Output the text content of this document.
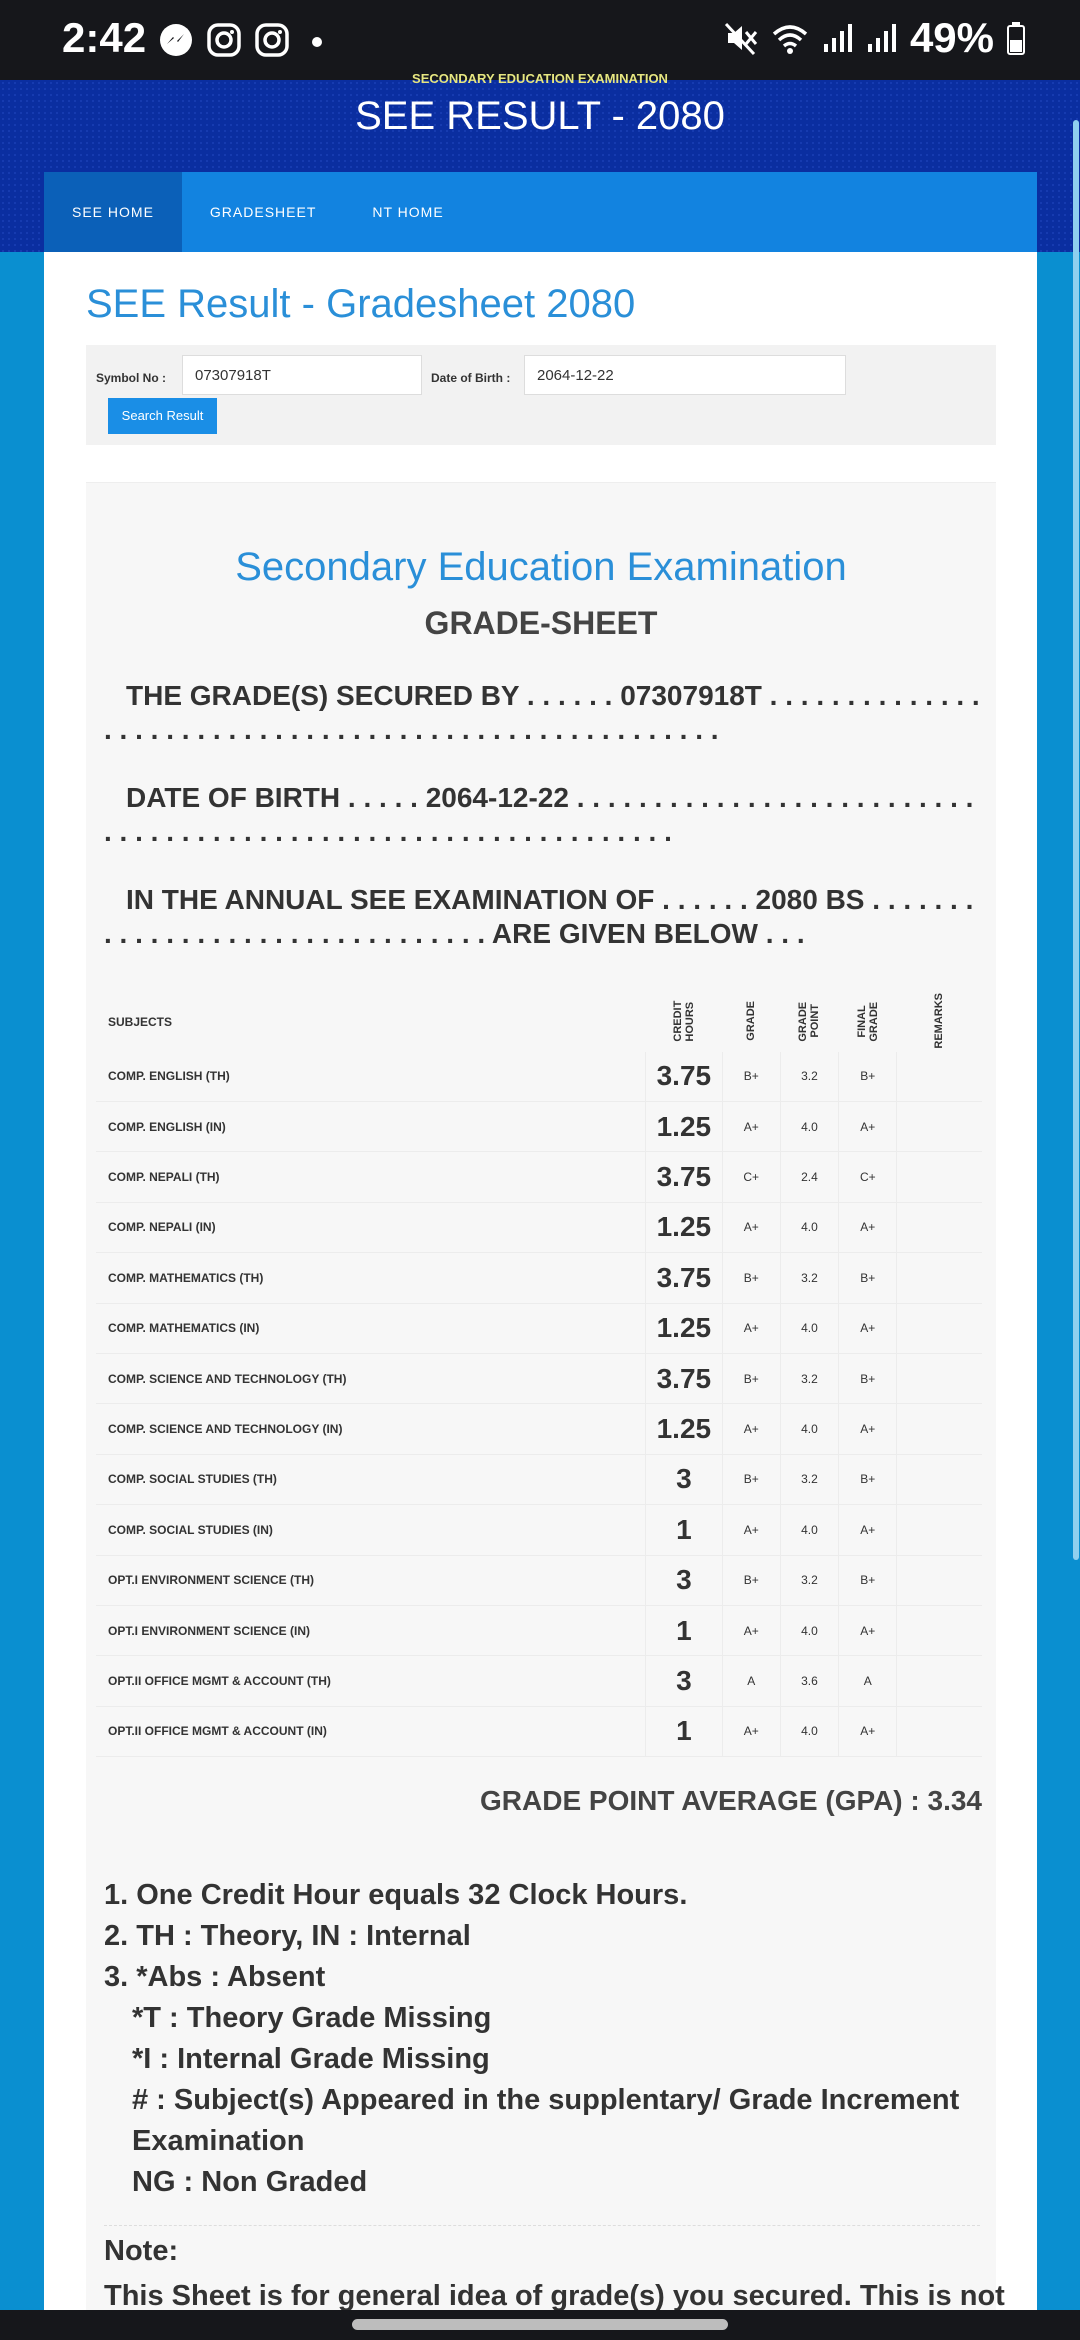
2:42	49%
SECONDARY EDUCATION EXAMINATION
SEE RESULT - 2080
SEE HOME	GRADESHEET	NT HOME
SEE Result - Gradesheet 2080
Symbol No :	07307918T	Date of Birth :	2064-12-22
Search Result
Secondary Education Examination
GRADE-SHEET
THE GRADE(S) SECURED BY . . . . . . 07307918T . . . . . . . . . . . . . . . . . . . . . . . . . . . . . . . . . . . . . . . . . . . . . . . . . . . . . .
DATE OF BIRTH . . . . . 2064-12-22 . . . . . . . . . . . . . . . . . . . . . . . . . . . . . . . . . . . . . . . . . . . . . . . . . . . . . . . . . . . . . . .
IN THE ANNUAL SEE EXAMINATION OF . . . . . . 2080 BS . . . . . . . . . . . . . . . . . . . . . . . . . . . . . . . . ARE GIVEN BELOW . . .
SUBJECTS	CREDIT HOURS	GRADE	GRADE POINT	FINAL GRADE	REMARKS
COMP. ENGLISH (TH)	3.75	B+	3.2	B+	
COMP. ENGLISH (IN)	1.25	A+	4.0	A+	
COMP. NEPALI (TH)	3.75	C+	2.4	C+	
COMP. NEPALI (IN)	1.25	A+	4.0	A+	
COMP. MATHEMATICS (TH)	3.75	B+	3.2	B+	
COMP. MATHEMATICS (IN)	1.25	A+	4.0	A+	
COMP. SCIENCE AND TECHNOLOGY (TH)	3.75	B+	3.2	B+	
COMP. SCIENCE AND TECHNOLOGY (IN)	1.25	A+	4.0	A+	
COMP. SOCIAL STUDIES (TH)	3	B+	3.2	B+	
COMP. SOCIAL STUDIES (IN)	1	A+	4.0	A+	
OPT.I ENVIRONMENT SCIENCE (TH)	3	B+	3.2	B+	
OPT.I ENVIRONMENT SCIENCE (IN)	1	A+	4.0	A+	
OPT.II OFFICE MGMT & ACCOUNT (TH)	3	A	3.6	A	
OPT.II OFFICE MGMT & ACCOUNT (IN)	1	A+	4.0	A+	
GRADE POINT AVERAGE (GPA) : 3.34
1. One Credit Hour equals 32 Clock Hours.
2. TH : Theory, IN : Internal
3. *Abs : Absent
*T : Theory Grade Missing
*I : Internal Grade Missing
# : Subject(s) Appeared in the supplentary/ Grade Increment Examination
NG : Non Graded
Note:
This Sheet is for general idea of grade(s) you secured. This is not
